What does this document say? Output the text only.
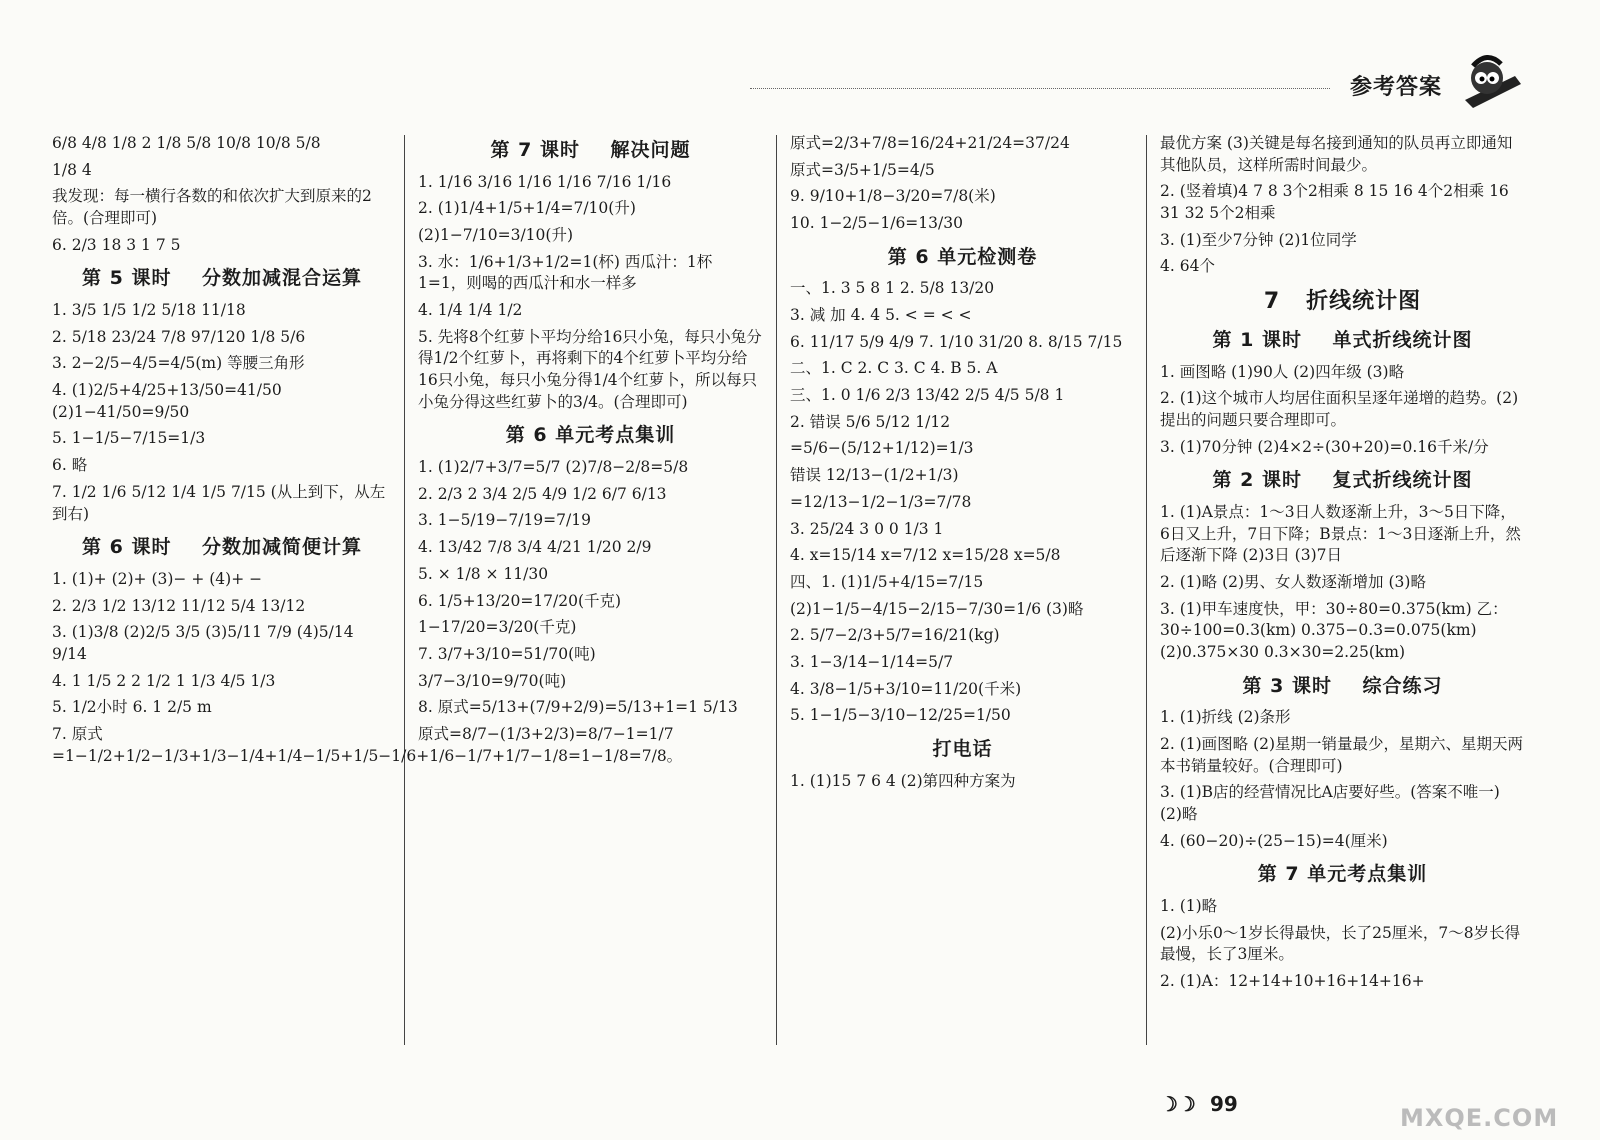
参考答案
6/8 4/8 1/8 2 1/8 5/8 10/8 10/8 5/8
1/8 4
我发现：每一横行各数的和依次扩大到原来的2倍。(合理即可)
6. 2/3 18 3 1 7 5
第 5 课时    分数加减混合运算
1. 3/5 1/5 1/2 5/18 11/18
2. 5/18 23/24 7/8 97/120 1/8 5/6
3. 2−2/5−4/5=4/5(m) 等腰三角形
4. (1)2/5+4/25+13/50=41/50 (2)1−41/50=9/50
5. 1−1/5−7/15=1/3
6. 略
7. 1/2 1/6 5/12 1/4 1/5 7/15 (从上到下，从左到右)
第 6 课时    分数加减简便计算
1. (1)+ (2)+ (3)− + (4)+ −
2. 2/3 1/2 13/12 11/12 5/4 13/12
3. (1)3/8 (2)2/5 3/5 (3)5/11 7/9 (4)5/14 9/14
4. 1 1/5 2 2 1/2 1 1/3 4/5 1/3
5. 1/2小时 6. 1 2/5 m
7. 原式=1−1/2+1/2−1/3+1/3−1/4+1/4−1/5+1/5−1/6+1/6−1/7+1/7−1/8=1−1/8=7/8。
第 7 课时    解决问题
1. 1/16 3/16 1/16 1/16 7/16 1/16
2. (1)1/4+1/5+1/4=7/10(升)
(2)1−7/10=3/10(升)
3. 水：1/6+1/3+1/2=1(杯) 西瓜汁：1杯 1=1，则喝的西瓜汁和水一样多
4. 1/4 1/4 1/2
5. 先将8个红萝卜平均分给16只小兔，每只小兔分得1/2个红萝卜，再将剩下的4个红萝卜平均分给16只小兔，每只小兔分得1/4个红萝卜，所以每只小兔分得这些红萝卜的3/4。(合理即可)
第 6 单元考点集训
1. (1)2/7+3/7=5/7 (2)7/8−2/8=5/8
2. 2/3 2 3/4 2/5 4/9 1/2 6/7 6/13
3. 1−5/19−7/19=7/19
4. 13/42 7/8 3/4 4/21 1/20 2/9
5. × 1/8 × 11/30
6. 1/5+13/20=17/20(千克)
1−17/20=3/20(千克)
7. 3/7+3/10=51/70(吨)
3/7−3/10=9/70(吨)
8. 原式=5/13+(7/9+2/9)=5/13+1=1 5/13
原式=8/7−(1/3+2/3)=8/7−1=1/7
原式=2/3+7/8=16/24+21/24=37/24
原式=3/5+1/5=4/5
9. 9/10+1/8−3/20=7/8(米)
10. 1−2/5−1/6=13/30
第 6 单元检测卷
一、1. 3 5 8 1 2. 5/8 13/20
3. 减 加 4. 4 5. < = < <
6. 11/17 5/9 4/9 7. 1/10 31/20 8. 8/15 7/15
二、1. C 2. C 3. C 4. B 5. A
三、1. 0 1/6 2/3 13/42 2/5 4/5 5/8 1
2. 错误 5/6 5/12 1/12
=5/6−(5/12+1/12)=1/3
错误 12/13−(1/2+1/3)
=12/13−1/2−1/3=7/78
3. 25/24 3 0 0 1/3 1
4. x=15/14 x=7/12 x=15/28 x=5/8
四、1. (1)1/5+4/15=7/15
(2)1−1/5−4/15−2/15−7/30=1/6 (3)略
2. 5/7−2/3+5/7=16/21(kg)
3. 1−3/14−1/14=5/7
4. 3/8−1/5+3/10=11/20(千米)
5. 1−1/5−3/10−12/25=1/50
打电话
1. (1)15 7 6 4 (2)第四种方案为
最优方案 (3)关键是每名接到通知的队员再立即通知其他队员，这样所需时间最少。
2. (竖着填)4 7 8 3个2相乘 8 15 16 4个2相乘 16 31 32 5个2相乘
3. (1)至少7分钟 (2)1位同学
4. 64个
7   折线统计图
第 1 课时    单式折线统计图
1. 画图略 (1)90人 (2)四年级 (3)略
2. (1)这个城市人均居住面积呈逐年递增的趋势。(2)提出的问题只要合理即可。
3. (1)70分钟 (2)4×2÷(30+20)=0.16千米/分
第 2 课时    复式折线统计图
1. (1)A景点：1～3日人数逐渐上升，3～5日下降，6日又上升，7日下降；B景点：1～3日逐渐上升，然后逐渐下降 (2)3日 (3)7日
2. (1)略 (2)男、女人数逐渐增加 (3)略
3. (1)甲车速度快，甲：30÷80=0.375(km) 乙：30÷100=0.3(km) 0.375−0.3=0.075(km) (2)0.375×30 0.3×30=2.25(km)
第 3 课时    综合练习
1. (1)折线 (2)条形
2. (1)画图略 (2)星期一销量最少，星期六、星期天两本书销量较好。(合理即可)
3. (1)B店的经营情况比A店要好些。(答案不唯一) (2)略
4. (60−20)÷(25−15)=4(厘米)
第 7 单元考点集训
1. (1)略
(2)小乐0～1岁长得最快，长了25厘米，7～8岁长得最慢，长了3厘米。
2. (1)A：12+14+10+16+14+16+
☽☽ 99	MXQE.COM
